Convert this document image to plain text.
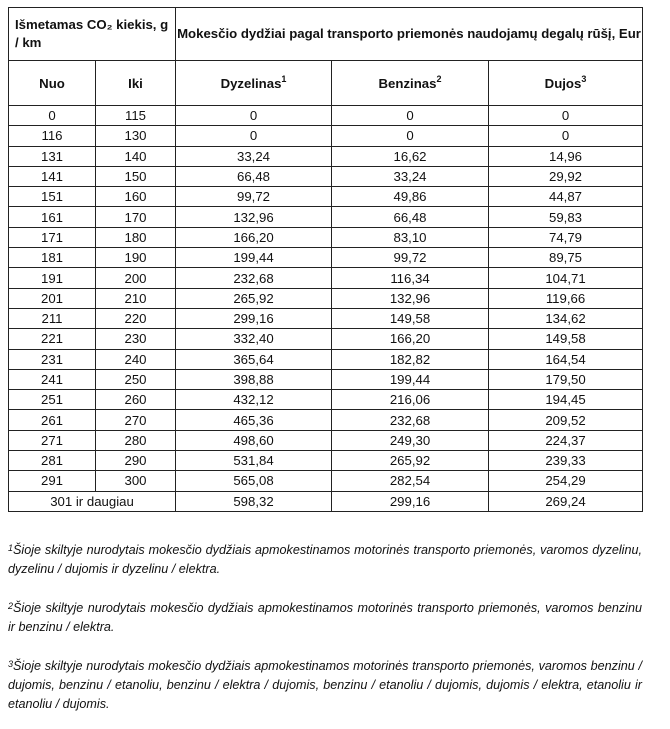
Išmetamas CO₂ kiekis, g / km		Mokesčio dydžiai pagal transporto priemonės naudojamų degalų rūšį, Eur		
Nuo	Iki	Dyzelinas$^1$	Benzinas$^2$	Dujos$^3$
0	115	0	0	0
116	130	0	0	0
131	140	33,24	16,62	14,96
141	150	66,48	33,24	29,92
151	160	99,72	49,86	44,87
161	170	132,96	66,48	59,83
171	180	166,20	83,10	74,79
181	190	199,44	99,72	89,75
191	200	232,68	116,34	104,71
201	210	265,92	132,96	119,66
211	220	299,16	149,58	134,62
221	230	332,40	166,20	149,58
231	240	365,64	182,82	164,54
241	250	398,88	199,44	179,50
251	260	432,12	216,06	194,45
261	270	465,36	232,68	209,52
271	280	498,60	249,30	224,37
281	290	531,84	265,92	239,33
291	300	565,08	282,54	254,29
301 ir daugiau		598,32	299,16	269,24
$^1$Šioje skiltyje nurodytais mokesčio dydžiais apmokestinamos motorinės transporto priemonės, varomos dyzelinu, dyzelinu / dujomis ir dyzelinu / elektra.
$^2$Šioje skiltyje nurodytais mokesčio dydžiais apmokestinamos motorinės transporto priemonės, varomos benzinu ir benzinu / elektra.
$^3$Šioje skiltyje nurodytais mokesčio dydžiais apmokestinamos motorinės transporto priemonės, varomos benzinu / dujomis, benzinu / etanoliu, benzinu / elektra / dujomis, benzinu / etanoliu / dujomis, dujomis / elektra, etanoliu ir etanoliu / dujomis.
